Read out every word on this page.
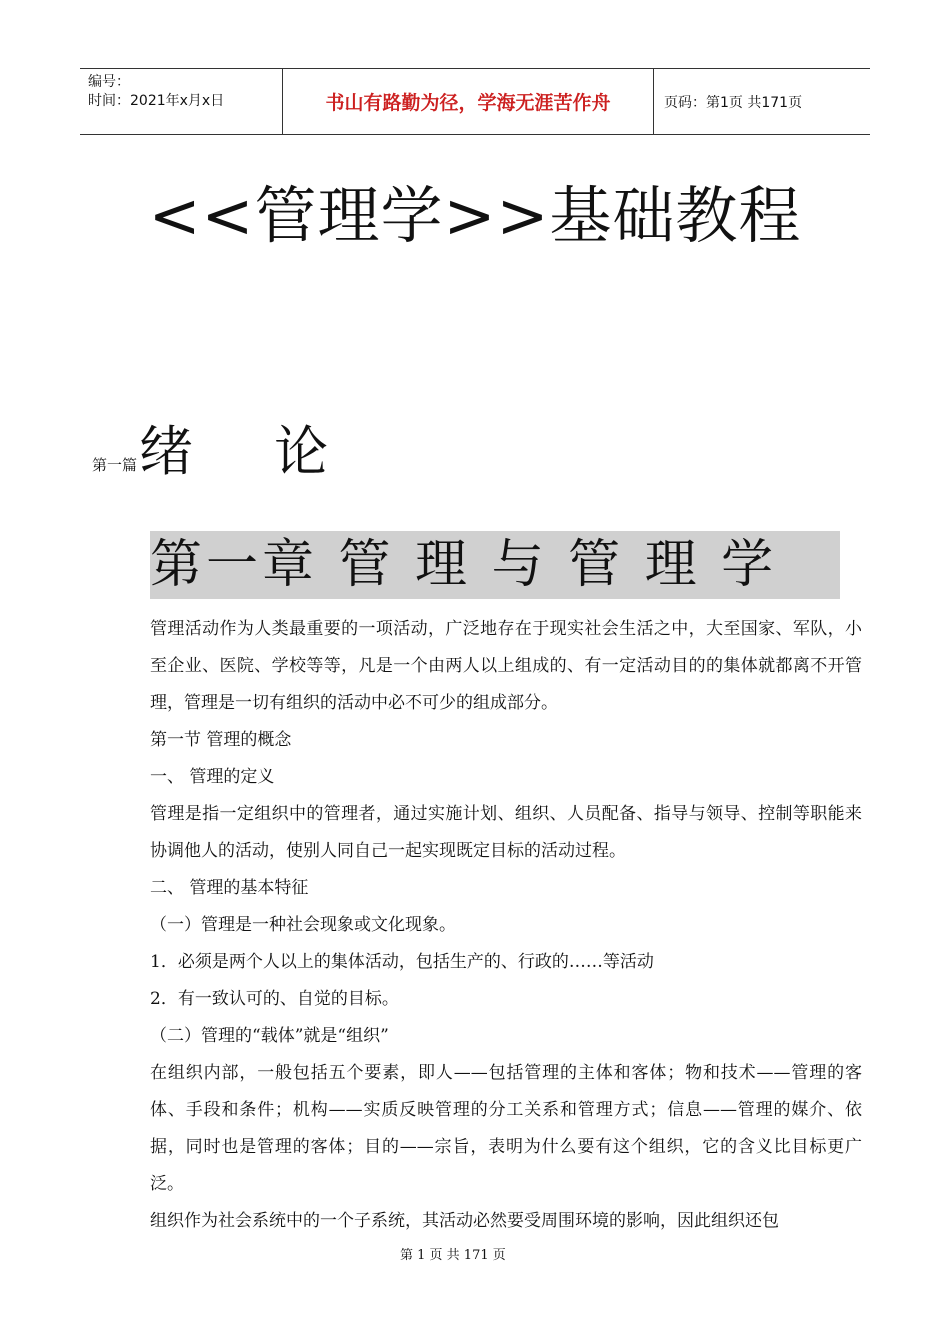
编号：
时间：2021年x月x日	书山有路勤为径，学海无涯苦作舟	页码：第1页 共171页
<<管理学>>基础教程
第一篇 绪 论
第一章 管 理 与 管 理 学

管理活动作为人类最重要的一项活动，广泛地存在于现实社会生活之中，大至国家、军队，小至企业、医院、学校等等，凡是一个由两人以上组成的、有一定活动目的的集体就都离不开管理，管理是一切有组织的活动中必不可少的组成部分。

第一节 管理的概念

一、 管理的定义

管理是指一定组织中的管理者，通过实施计划、组织、人员配备、指导与领导、控制等职能来协调他人的活动，使别人同自己一起实现既定目标的活动过程。

二、 管理的基本特征

（一）管理是一种社会现象或文化现象。

1．必须是两个人以上的集体活动，包括生产的、行政的……等活动

2．有一致认可的、自觉的目标。

（二）管理的“载体”就是“组织”

在组织内部，一般包括五个要素，即人——包括管理的主体和客体；物和技术——管理的客体、手段和条件；机构——实质反映管理的分工关系和管理方式；信息——管理的媒介、依据，同时也是管理的客体；目的——宗旨，表明为什么要有这个组织，它的含义比目标更广泛。

组织作为社会系统中的一个子系统，其活动必然要受周围环境的影响，因此组织还包

第 1 页 共 171 页
